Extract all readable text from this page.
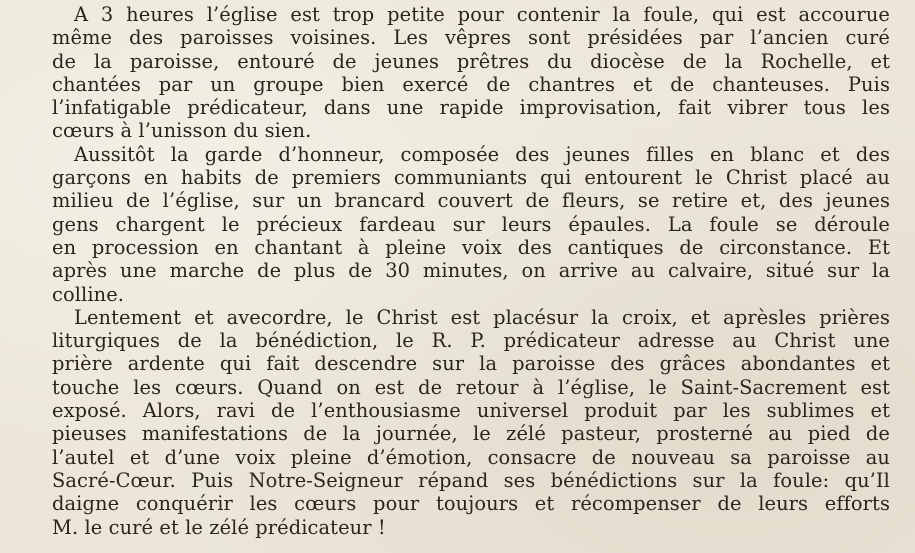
A 3 heures l’église est trop petite pour contenir la foule, qui est accourue
même des paroisses voisines. Les vêpres sont présidées par l’ancien curé
de la paroisse, entouré de jeunes prêtres du diocèse de la Rochelle, et
chantées par un groupe bien exercé de chantres et de chanteuses. Puis
l’infatigable prédicateur, dans une rapide improvisation, fait vibrer tous les
cœurs à l’unisson du sien.
Aussitôt la garde d’honneur, composée des jeunes filles en blanc et des
garçons en habits de premiers communiants qui entourent le Christ placé au
milieu de l’église, sur un brancard couvert de fleurs, se retire et, des jeunes
gens chargent le précieux fardeau sur leurs épaules. La foule se déroule
en procession en chantant à pleine voix des cantiques de circonstance. Et
après une marche de plus de 30 minutes, on arrive au calvaire, situé sur la
colline.
Lentement et avecordre, le Christ est placésur la croix, et aprèsles prières
liturgiques de la bénédiction, le R. P. prédicateur adresse au Christ une
prière ardente qui fait descendre sur la paroisse des grâces abondantes et
touche les cœurs. Quand on est de retour à l’église, le Saint-Sacrement est
exposé. Alors, ravi de l’enthousiasme universel produit par les sublimes et
pieuses manifestations de la journée, le zélé pasteur, prosterné au pied de
l’autel et d’une voix pleine d’émotion, consacre de nouveau sa paroisse au
Sacré-Cœur. Puis Notre-Seigneur répand ses bénédictions sur la foule: qu’Il
daigne conquérir les cœurs pour toujours et récompenser de leurs efforts
M. le curé et le zélé prédicateur !
